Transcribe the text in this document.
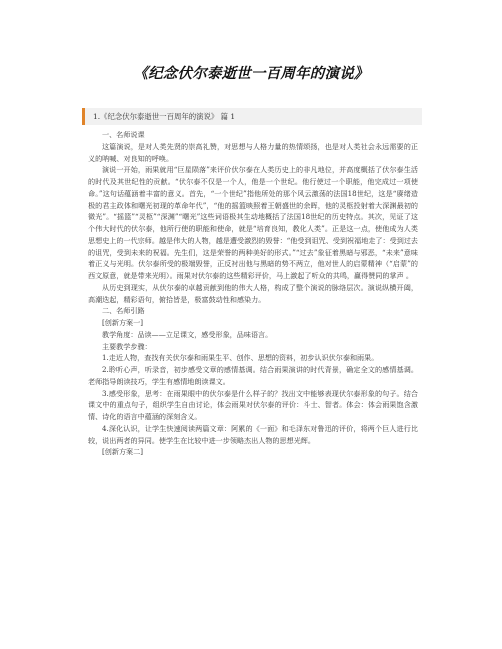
《纪念伏尔泰逝世一百周年的演说》
1.《纪念伏尔泰逝世一百周年的演说》 篇 1

一、名师说课

这篇演说，是对人类先贤的崇高礼赞，对思想与人格力量的热情颂扬，也是对人类社会永远需要的正义的呐喊、对良知的呼唤。

演说一开始，雨果就用“巨星陨落”来评价伏尔泰在人类历史上的非凡地位，并高度概括了伏尔泰生活的时代及其世纪性的贡献。“伏尔泰不仅是一个人，他是一个世纪。他行使过一个职能，他完成过一项使命。”这句话蕴涵着丰富的意义。首先，“一个世纪”指他所处的那个风云激荡的法国18世纪，这是“赓绪造极的君主政体和曙光初现的革命年代”，“他的摇篮映照着王朝盛世的余晖，他的灵柩投射着大深渊最初的微光”。“摇篮”“灵柩”“深渊”“曙光”这些词语极其生动地概括了法国18世纪的历史特点。其次，见证了这个伟大时代的伏尔泰，他所行使的职能和使命，就是“培育良知，教化人类”。正是这一点，使他成为人类思想史上的一代宗师。越是伟大的人物，越是遭受激烈的毁誉：“他受到诅咒、受到祝福地走了：受到过去的诅咒，受到未来的祝福。先生们，这是荣誉的两种美好的形式。”“过去”象征着黑暗与邪恶，“未来”意味着正义与光明。伏尔泰所受的极端毁誉，正反衬出他与黑暗的势不两立，他对世人的启蒙精神（“启蒙”的西文原意，就是带来光明）。雨果对伏尔泰的这些精彩评价，马上激起了听众的共鸣，赢得赞同的掌声 。

从历史到现实，从伏尔泰的卓越贡献到他的伟大人格，构成了整个演说的脉络层次。演说纵横开阖，高潮迭起，精彩语句，俯拾皆是，极富鼓动性和感染力。

二、名师引路

[创新方案一]

教学角度：品读——立足课文，感受形象，品味语言。

主要教学步骤：

1.走近人物，查找有关伏尔泰和雨果生平、创作、思想的资料，初步认识伏尔泰和雨果。

2.聆听心声，听录音，初步感受文章的感情基调。结合雨果演讲的时代背景，确定全文的感情基调。老师指导朗读技巧，学生有感情地朗读课文。

3.感受形象，思考：在雨果眼中的伏尔泰是什么样子的？找出文中能够表现伏尔泰形象的句子。结合课文中的重点句子，组织学生自由讨论，体会雨果对伏尔泰的评价：斗士、智者。体会：体会雨果饱含激情、诗化的语言中蕴涵的深刻含义。

4.深化认识，让学生快速阅读两篇文章：阿累的《一面》和毛泽东对鲁迅的评价，将两个巨人进行比较，说出两者的异同。使学生在比较中进一步领略杰出人物的思想光辉。

[创新方案二]
